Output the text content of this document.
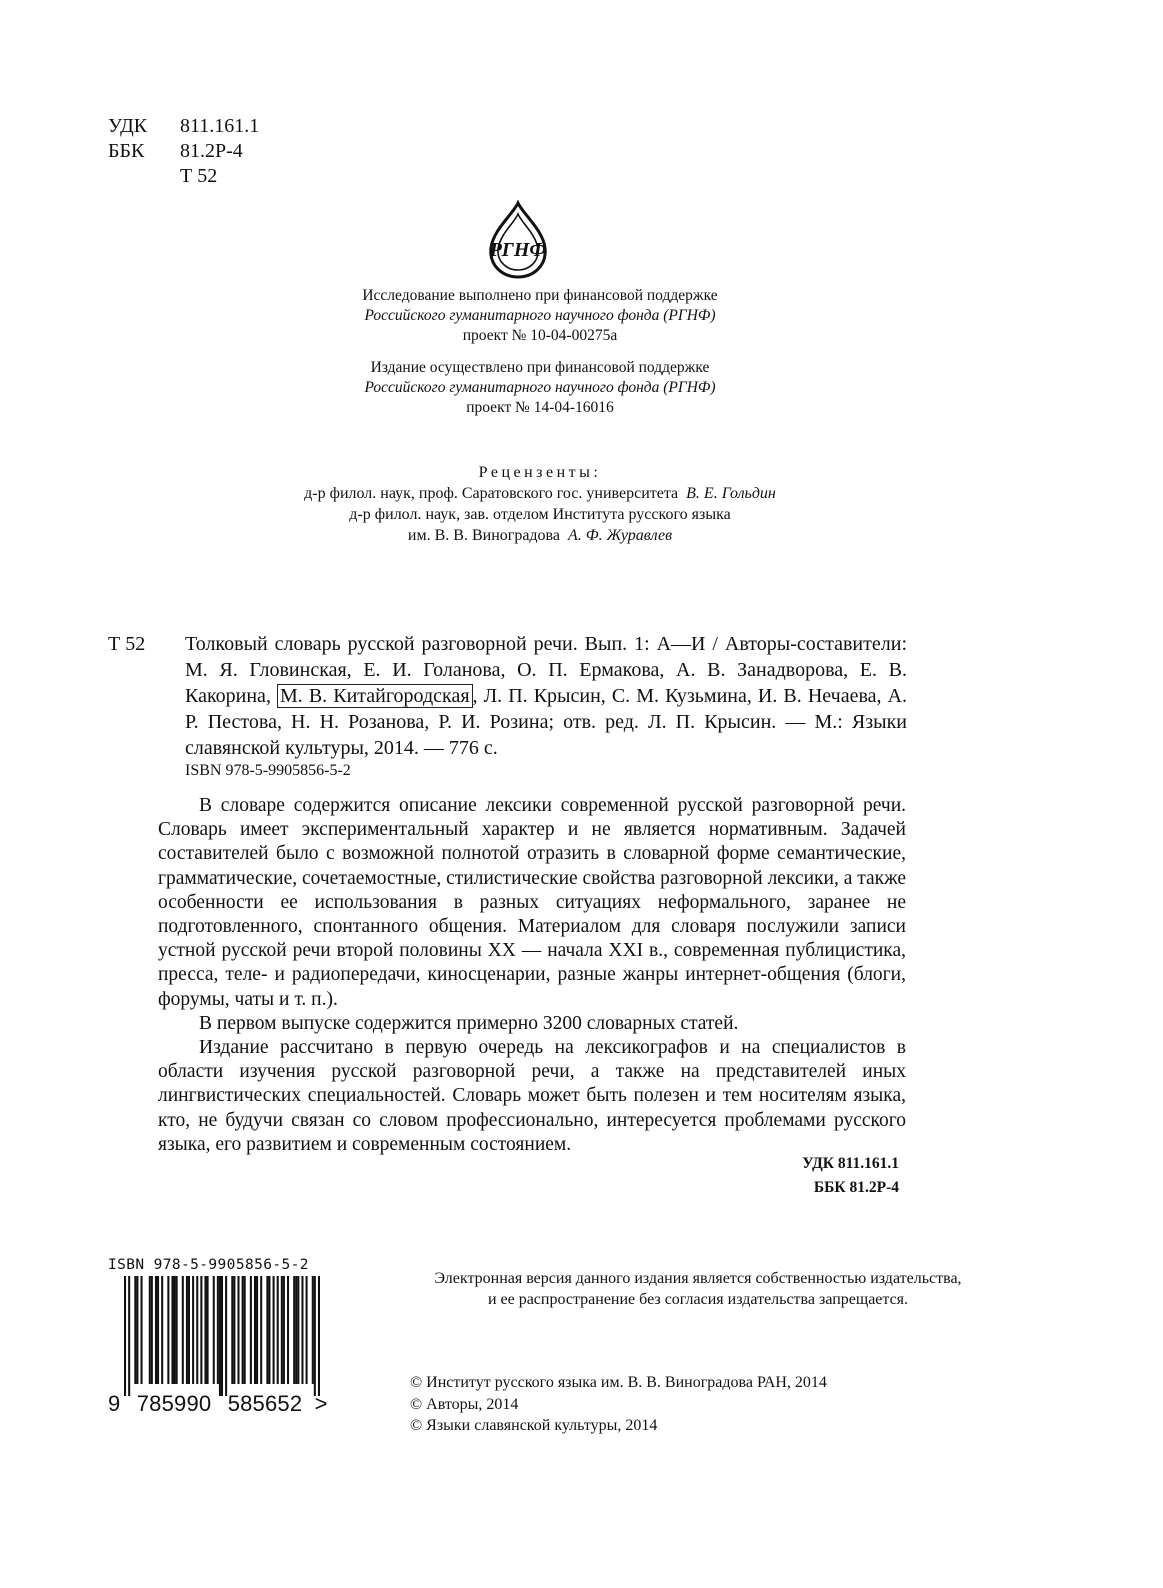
УДК 811.161.1
ББК 81.2Р-4
Т 52
РГНФ
Исследование выполнено при финансовой поддержке
Российского гуманитарного научного фонда (РГНФ)
проект № 10-04-00275а
Издание осуществлено при финансовой поддержке
Российского гуманитарного научного фонда (РГНФ)
проект № 14-04-16016
Рецензенты:
д-р филол. наук, проф. Саратовского гос. университета В. Е. Гольдин
д-р филол. наук, зав. отделом Института русского языка
им. В. В. Виноградова А. Ф. Журавлев
Т 52 Толковый словарь русской разговорной речи. Вып. 1: А—И / Авторы-составители: М. Я. Гловинская, Е. И. Голанова, О. П. Ермакова, А. В. Занадворова, Е. В. Какорина, М. В. Китайгородская , Л. П. Крысин, С. М. Кузьмина, И. В. Нечаева, А. Р. Пестова, Н. Н. Розанова, Р. И. Розина; отв. ред. Л. П. Крысин. — М.: Языки славянской культуры, 2014. — 776 с.
ISBN 978-5-9905856-5-2

В словаре содержится описание лексики современной русской разговорной речи. Словарь имеет экспериментальный характер и не является нормативным. Задачей составителей было с возможной полнотой отразить в словарной форме семантические, грамматические, сочетаемостные, стилистические свойства разговорной лексики, а также особенности ее использования в разных ситуациях неформального, заранее не подготовленного, спонтанного общения. Материалом для словаря послужили записи устной русской речи второй половины XX — начала XXI в., современная публицистика, пресса, теле- и радиопередачи, киносценарии, разные жанры интернет-общения (блоги, форумы, чаты и т. п.).

В первом выпуске содержится примерно 3200 словарных статей.

Издание рассчитано в первую очередь на лексикографов и на специалистов в области изучения русской разговорной речи, а также на представителей иных лингвистических специальностей. Словарь может быть полезен и тем носителям языка, кто, не будучи связан со словом профессионально, интересуется проблемами русского языка, его развитием и современным состоянием.

УДК 811.161.1
ББК 81.2Р-4
ISBN 978-5-9905856-5-2
9 785990 585652 >
Электронная версия данного издания является собственностью издательства,
и ее распространение без согласия издательства запрещается.
© Институт русского языка им. В. В. Виноградова РАН, 2014
© Авторы, 2014
© Языки славянской культуры, 2014
